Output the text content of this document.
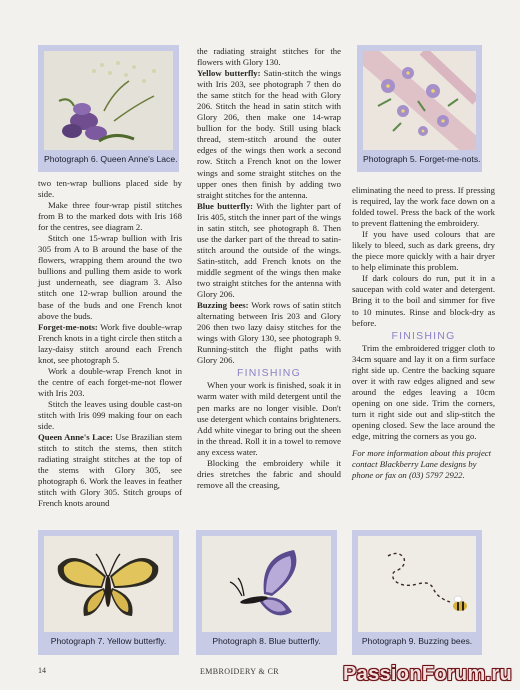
Photograph 6. Queen Anne's Lace.	Photograph 5. Forget-me-nots.

two ten-wrap bullions placed side by side.

Make three four-wrap pistil stitches from B to the marked dots with Iris 168 for the centres, see diagram 2.

Stitch one 15-wrap bullion with Iris 305 from A to B around the base of the flowers, wrapping them around the two bullions and pulling them aside to work just underneath, see diagram 3. Also stitch one 12-wrap bullion around the base of the buds and one French knot above the buds.

Forget-me-nots: Work five double-wrap French knots in a tight circle then stitch a lazy-daisy stitch around each French knot, see photograph 5.

Work a double-wrap French knot in the centre of each forget-me-not flower with Iris 203.

Stitch the leaves using double cast-on stitch with Iris 099 making four on each side.

Queen Anne's Lace: Use Brazilian stem stitch to stitch the stems, then stitch radiating straight stitches at the top of the stems with Glory 305, see photograph 6. Work the leaves in feather stitch with Glory 305. Stitch groups of French knots around

the radiating straight stitches for the flowers with Glory 130.

Yellow butterfly: Satin-stitch the wings with Iris 203, see photograph 7 then do the same stitch for the head with Glory 206. Stitch the head in satin stitch with Glory 206, then make one 14-wrap bullion for the body. Still using black thread, stem-stitch around the outer edges of the wings then work a second row. Stitch a French knot on the lower wings and some straight stitches on the upper ones then finish by adding two straight stitches for the antenna.

Blue butterfly: With the lighter part of Iris 405, stitch the inner part of the wings in satin stitch, see photograph 8. Then use the darker part of the thread to satin-stitch around the outside of the wings. Satin-stitch, add French knots on the middle segment of the wings then make two straight stitches for the antenna with Glory 206.

Buzzing bees: Work rows of satin stitch alternating between Iris 203 and Glory 206 then two lazy daisy stitches for the wings with Glory 130, see photograph 9. Running-stitch the flight paths with Glory 206.

FINISHING

When your work is finished, soak it in warm water with mild detergent until the pen marks are no longer visible. Don't use detergent which contains brighteners. Add white vinegar to bring out the sheen in the thread. Roll it in a towel to remove any excess water.

Blocking the embroidery while it dries stretches the fabric and should remove all the creasing,

eliminating the need to press. If pressing is required, lay the work face down on a folded towel. Press the back of the work to prevent flattening the embroidery.

If you have used colours that are likely to bleed, such as dark greens, dry the piece more quickly with a hair dryer to help eliminate this problem.

If dark colours do run, put it in a saucepan with cold water and detergent. Bring it to the boil and simmer for five to 10 minutes. Rinse and block-dry as before.

FINISHING

Trim the embroidered trigger cloth to 34cm square and lay it on a firm surface right side up. Centre the backing square over it with raw edges aligned and sew around the edges leaving a 10cm opening on one side. Trim the corners, turn it right side out and slip-stitch the opening closed. Sew the lace around the edge, mitring the corners as you go.

For more information about this project contact Blackberry Lane designs by phone or fax on (03) 5797 2922.

Photograph 7. Yellow butterfly.	Photograph 8. Blue butterfly.	Photograph 9. Buzzing bees.
14	EMBROIDERY & CR	PassionForum.ru
